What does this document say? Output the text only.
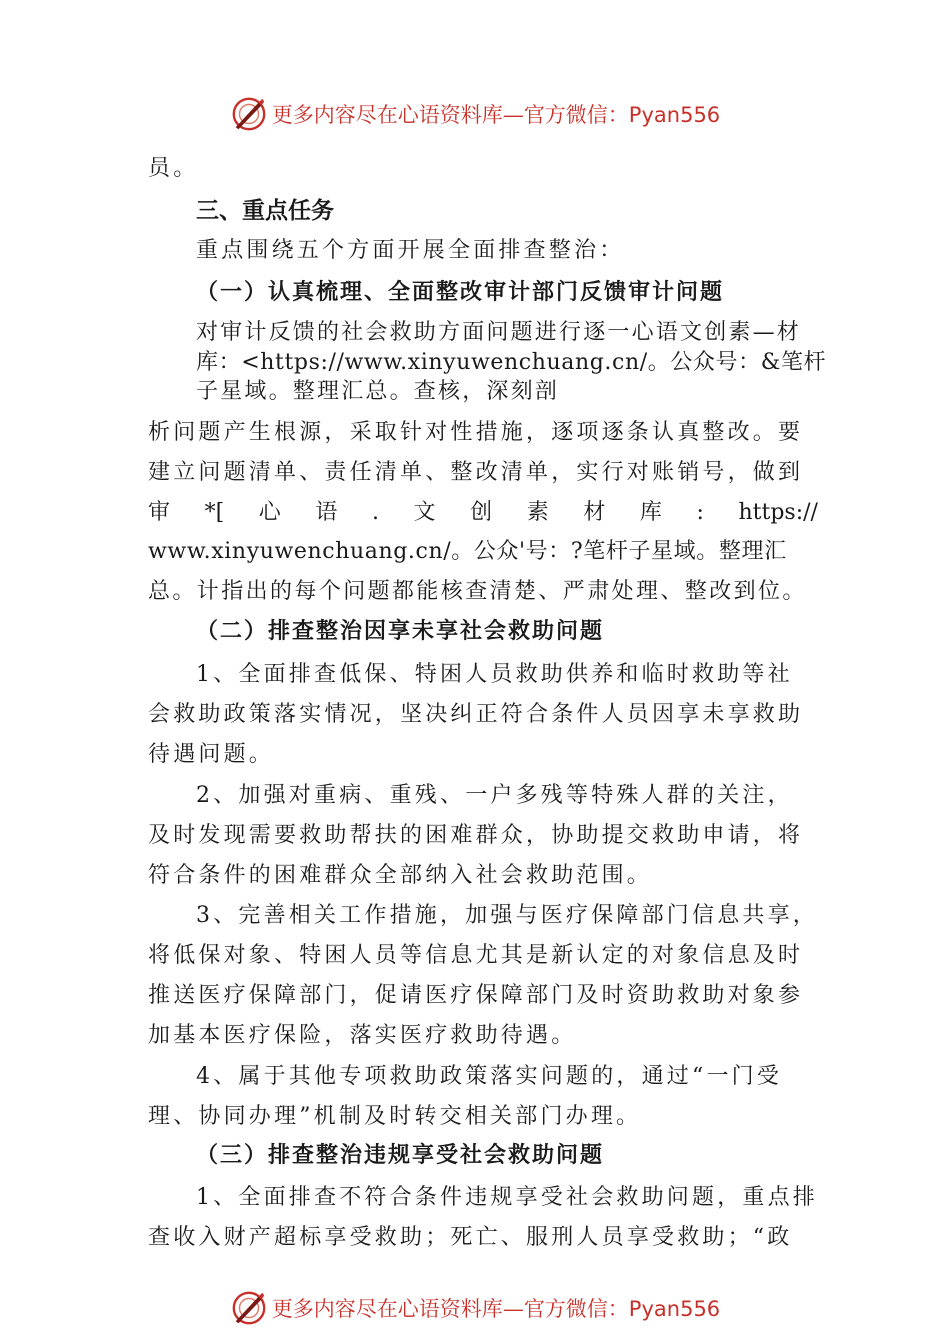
更多内容尽在心语资料库—官方微信：Pyan556
员。
三、重点任务
重点围绕五个方面开展全面排查整治：
（一）认真梳理、全面整改审计部门反馈审计问题
对审计反馈的社会救助方面问题进行逐一心语文创素—材
库：<https://www.xinyuwenchuang.cn/。公众号：&笔杆
子星域。整理汇总。查核，深刻剖
析问题产生根源，采取针对性措施，逐项逐条认真整改。要
建立问题清单、责任清单、整改清单，实行对账销号，做到
审 *[ 心 语 . 文 创 素 材 库 : https://
www.xinyuwenchuang.cn/。公众'号：?笔杆子星域。整理汇
总。计指出的每个问题都能核查清楚、严肃处理、整改到位。
（二）排查整治因享未享社会救助问题
1、全面排查低保、特困人员救助供养和临时救助等社
会救助政策落实情况，坚决纠正符合条件人员因享未享救助
待遇问题。
2、加强对重病、重残、一户多残等特殊人群的关注，
及时发现需要救助帮扶的困难群众，协助提交救助申请，将
符合条件的困难群众全部纳入社会救助范围。
3、完善相关工作措施，加强与医疗保障部门信息共享，
将低保对象、特困人员等信息尤其是新认定的对象信息及时
推送医疗保障部门，促请医疗保障部门及时资助救助对象参
加基本医疗保险，落实医疗救助待遇。
4、属于其他专项救助政策落实问题的，通过“一门受
理、协同办理”机制及时转交相关部门办理。
（三）排查整治违规享受社会救助问题
1、全面排查不符合条件违规享受社会救助问题，重点排
查收入财产超标享受救助；死亡、服刑人员享受救助；“政
更多内容尽在心语资料库—官方微信：Pyan556
